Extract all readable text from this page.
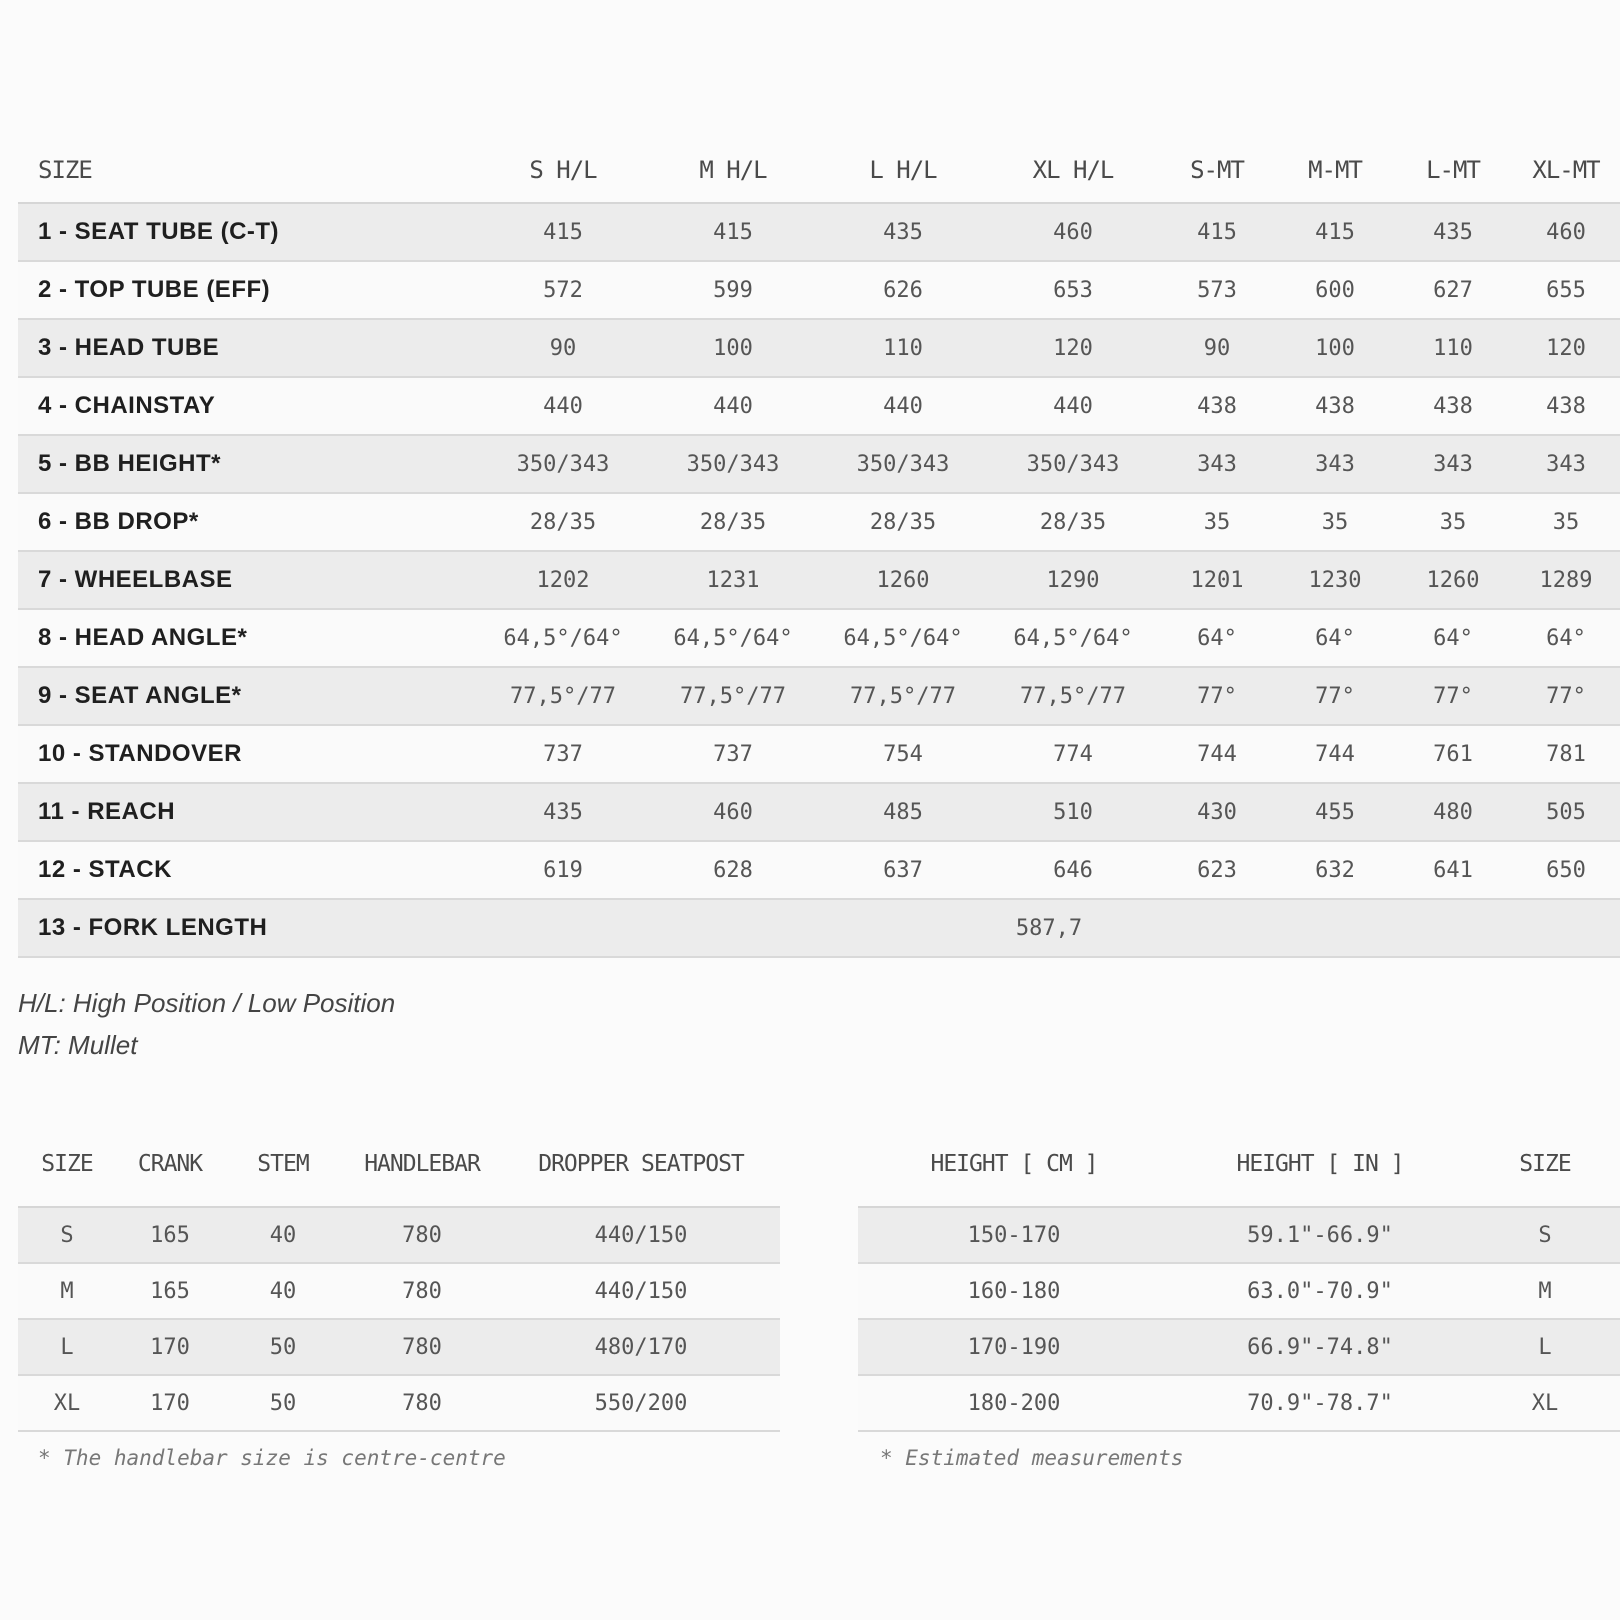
SIZE	S H/L	M H/L	L H/L	XL H/L	S-MT	M-MT	L-MT	XL-MT
1 - SEAT TUBE (C-T)	415	415	435	460	415	415	435	460
2 - TOP TUBE (EFF)	572	599	626	653	573	600	627	655
3 - HEAD TUBE	90	100	110	120	90	100	110	120
4 - CHAINSTAY	440	440	440	440	438	438	438	438
5 - BB HEIGHT*	350/343	350/343	350/343	350/343	343	343	343	343
6 - BB DROP*	28/35	28/35	28/35	28/35	35	35	35	35
7 - WHEELBASE	1202	1231	1260	1290	1201	1230	1260	1289
8 - HEAD ANGLE*	64,5°/64°	64,5°/64°	64,5°/64°	64,5°/64°	64°	64°	64°	64°
9 - SEAT ANGLE*	77,5°/77	77,5°/77	77,5°/77	77,5°/77	77°	77°	77°	77°
10 - STANDOVER	737	737	754	774	744	744	761	781
11 - REACH	435	460	485	510	430	455	480	505
12 - STACK	619	628	637	646	623	632	641	650
13 - FORK LENGTH	587,7							
H/L: High Position / Low Position
MT: Mullet
SIZE	CRANK	STEM	HANDLEBAR	DROPPER SEATPOST
S	165	40	780	440/150
M	165	40	780	440/150
L	170	50	780	480/170
XL	170	50	780	550/200
HEIGHT [ CM ]	HEIGHT [ IN ]	SIZE
150-170	59.1"-66.9"	S
160-180	63.0"-70.9"	M
170-190	66.9"-74.8"	L
180-200	70.9"-78.7"	XL
* The handlebar size is centre-centre	* Estimated measurements
